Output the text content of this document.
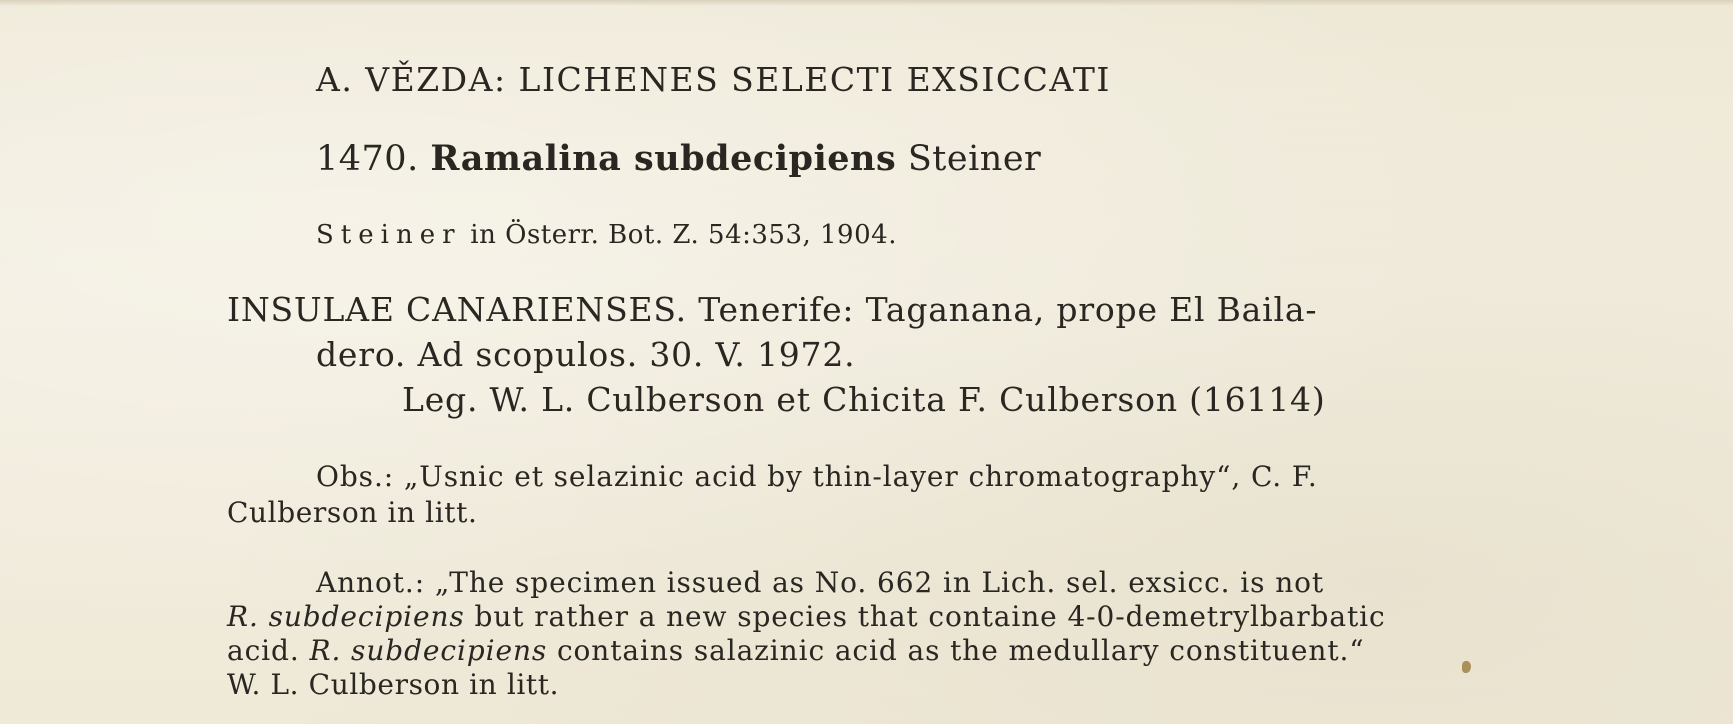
A. VĚZDA: LICHENES SELECTI EXSICCATI
1470. Ramalina subdecipiens Steiner
Steiner in Österr. Bot. Z. 54:353, 1904.
INSULAE CANARIENSES. Tenerife: Taganana, prope El Baila-
dero. Ad scopulos. 30. V. 1972.
Leg. W. L. Culberson et Chicita F. Culberson (16114)
Obs.: „Usnic et selazinic acid by thin-layer chromatography“, C. F.
Culberson in litt.
Annot.: „The specimen issued as No. 662 in Lich. sel. exsicc. is not
R. subdecipiens but rather a new species that containe 4-0-demetrylbarbatic
acid. R. subdecipiens contains salazinic acid as the medullary constituent.“
W. L. Culberson in litt.
